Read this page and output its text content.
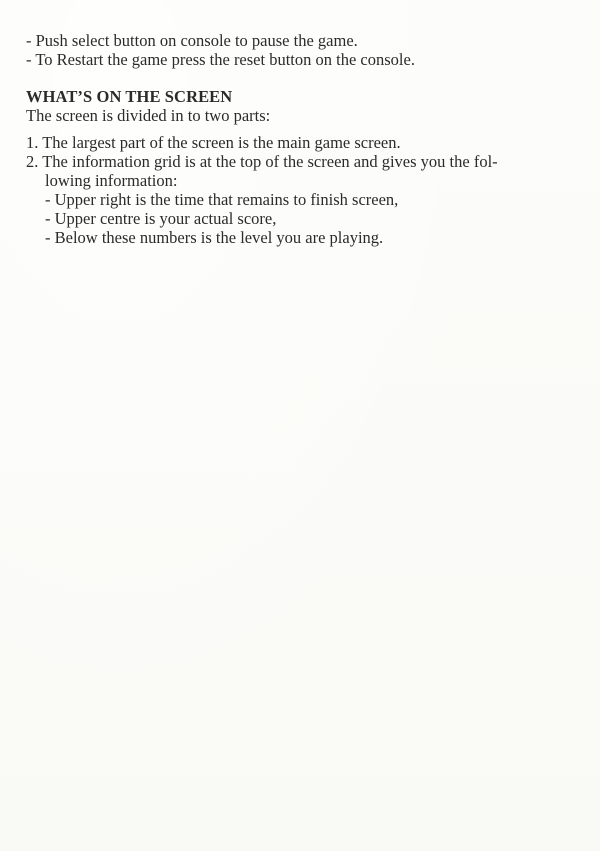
- Push select button on console to pause the game.
- To Restart the game press the reset button on the console.
WHAT’S ON THE SCREEN
The screen is divided in to two parts:
1. The largest part of the screen is the main game screen.
2. The information grid is at the top of the screen and gives you the fol-
lowing information:
- Upper right is the time that remains to finish screen,
- Upper centre is your actual score,
- Below these numbers is the level you are playing.
